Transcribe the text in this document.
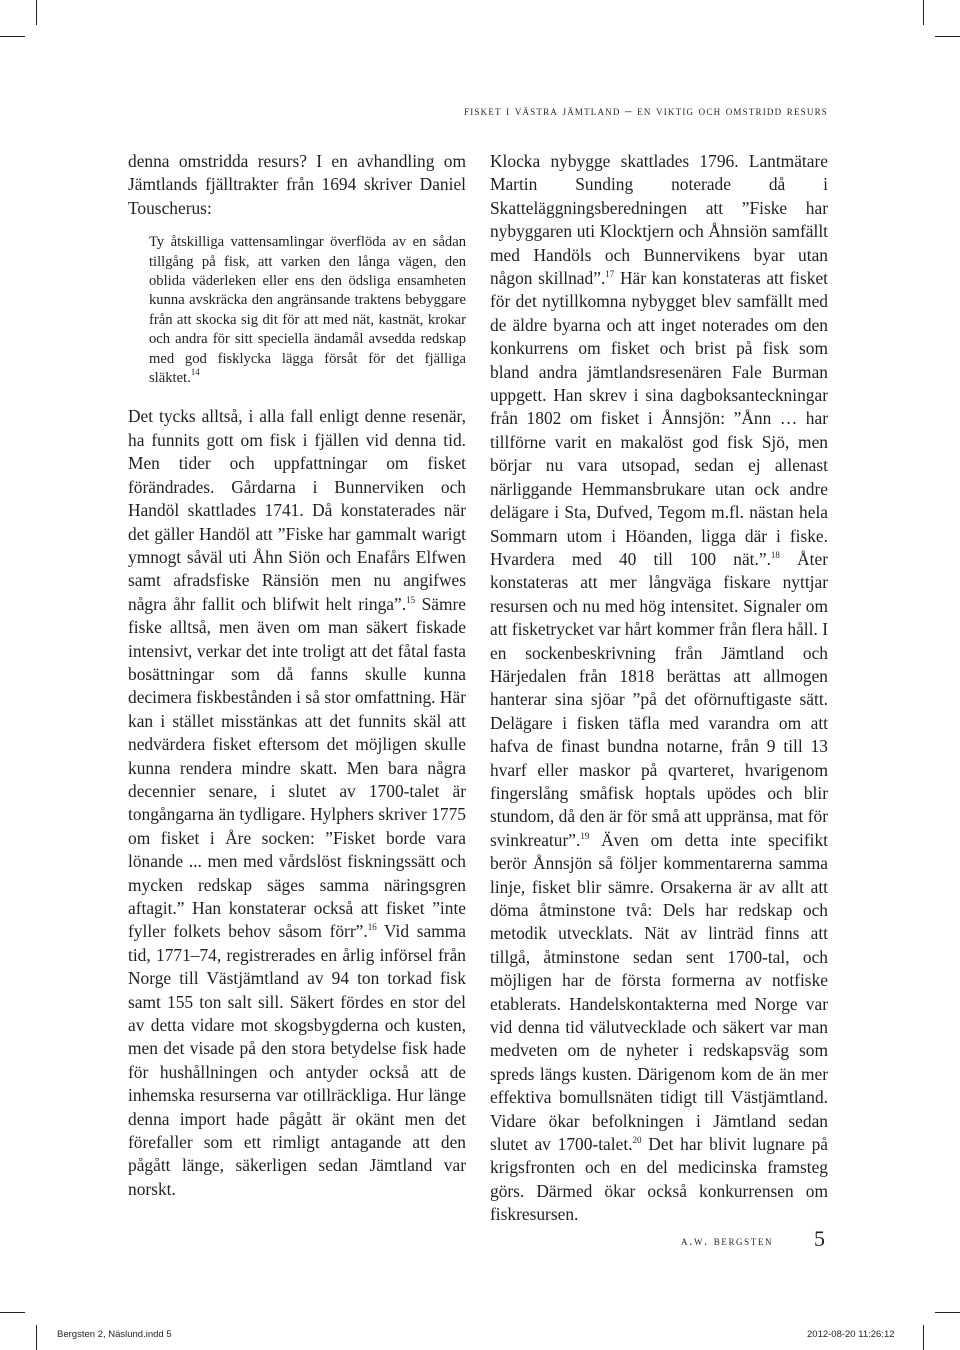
fisket i västra jämtland – en viktig och omstridd resurs

denna omstridda resurs? I en avhandling om Jämtlands fjälltrakter från 1694 skriver Daniel Touscherus:

Ty åtskilliga vattensamlingar överflöda av en sådan tillgång på fisk, att varken den långa vägen, den oblida väderleken eller ens den ödsliga ensamheten kunna avskräcka den angränsande traktens bebyggare från att skocka sig dit för att med nät, kastnät, krokar och andra för sitt speciella ändamål avsedda redskap med god fisklycka lägga försåt för det fjälliga släktet.$^{14}$

Det tycks alltså, i alla fall enligt denne resenär, ha funnits gott om fisk i fjällen vid denna tid. Men tider och uppfattningar om fisket förändrades. Gårdarna i Bunnerviken och Handöl skattlades 1741. Då konstaterades när det gäller Handöl att ”Fiske har gammalt warigt ymnogt såväl uti Åhn Siön och Enafårs Elfwen samt afradsfiske Ränsiön men nu angifwes några åhr fallit och blifwit helt ringa”.$^{15}$ Sämre fiske alltså, men även om man säkert fiskade intensivt, verkar det inte troligt att det fåtal fasta bosättningar som då fanns skulle kunna decimera fiskbestånden i så stor omfattning. Här kan i stället misstänkas att det funnits skäl att nedvärdera fisket eftersom det möjligen skulle kunna rendera mindre skatt. Men bara några decennier senare, i slutet av 1700-talet är tongångarna än tydligare. Hylphers skriver 1775 om fisket i Åre socken: ”Fisket borde vara lönande ... men med vårdslöst fiskningssätt och mycken redskap säges samma näringsgren aftagit.” Han konstaterar också att fisket ”inte fyller folkets behov såsom förr”.$^{16}$ Vid samma tid, 1771–74, registrerades en årlig införsel från Norge till Västjämtland av 94 ton torkad fisk samt 155 ton salt sill. Säkert fördes en stor del av detta vidare mot skogsbygderna och kusten, men det visade på den stora betydelse fisk hade för hushållningen och antyder också att de inhemska resurserna var otillräckliga. Hur länge denna import hade pågått är okänt men det förefaller som ett rimligt antagande att den pågått länge, säkerligen sedan Jämtland var norskt.

Klocka nybygge skattlades 1796. Lantmätare Martin Sunding noterade då i Skatteläggningsberedningen att ”Fiske har nybyggaren uti Klocktjern och Åhnsiön samfällt med Handöls och Bunnervikens byar utan någon skillnad”.$^{17}$ Här kan konstateras att fisket för det nytillkomna nybygget blev samfällt med de äldre byarna och att inget noterades om den konkurrens om fisket och brist på fisk som bland andra jämtlandsresenären Fale Burman uppgett. Han skrev i sina dagboksanteckningar från 1802 om fisket i Ånnsjön: ”Ånn … har tillförne varit en makalöst god fisk Sjö, men börjar nu vara utsopad, sedan ej allenast närliggande Hemmansbrukare utan ock andre delägare i Sta, Dufved, Tegom m.fl. nästan hela Sommarn utom i Höanden, ligga där i fiske. Hvardera med 40 till 100 nät.”.$^{18}$ Åter konstateras att mer långväga fiskare nyttjar resursen och nu med hög intensitet. Signaler om att fisketrycket var hårt kommer från flera håll. I en sockenbeskrivning från Jämtland och Härjedalen från 1818 berättas att allmogen hanterar sina sjöar ”på det oförnuftigaste sätt. Delägare i fisken täfla med varandra om att hafva de finast bundna notarne, från 9 till 13 hvarf eller maskor på qvarteret, hvarigenom fingerslång småfisk hoptals upödes och blir stundom, då den är för små att uppränsa, mat för svinkreatur”.$^{19}$ Även om detta inte specifikt berör Ånnsjön så följer kommentarerna samma linje, fisket blir sämre. Orsakerna är av allt att döma åtminstone två: Dels har redskap och metodik utvecklats. Nät av linträd finns att tillgå, åtminstone sedan sent 1700-tal, och möjligen har de första formerna av notfiske etablerats. Handelskontakterna med Norge var vid denna tid välutvecklade och säkert var man medveten om de nyheter i redskapsväg som spreds längs kusten. Därigenom kom de än mer effektiva bomullsnäten tidigt till Västjämtland. Vidare ökar befolkningen i Jämtland sedan slutet av 1700-talet.$^{20}$ Det har blivit lugnare på krigsfronten och en del medicinska framsteg görs. Därmed ökar också konkurrensen om fiskresursen.

a.w. bergsten 5
Bergsten 2, Näslund.indd 5	2012-08-20 11:26:12
